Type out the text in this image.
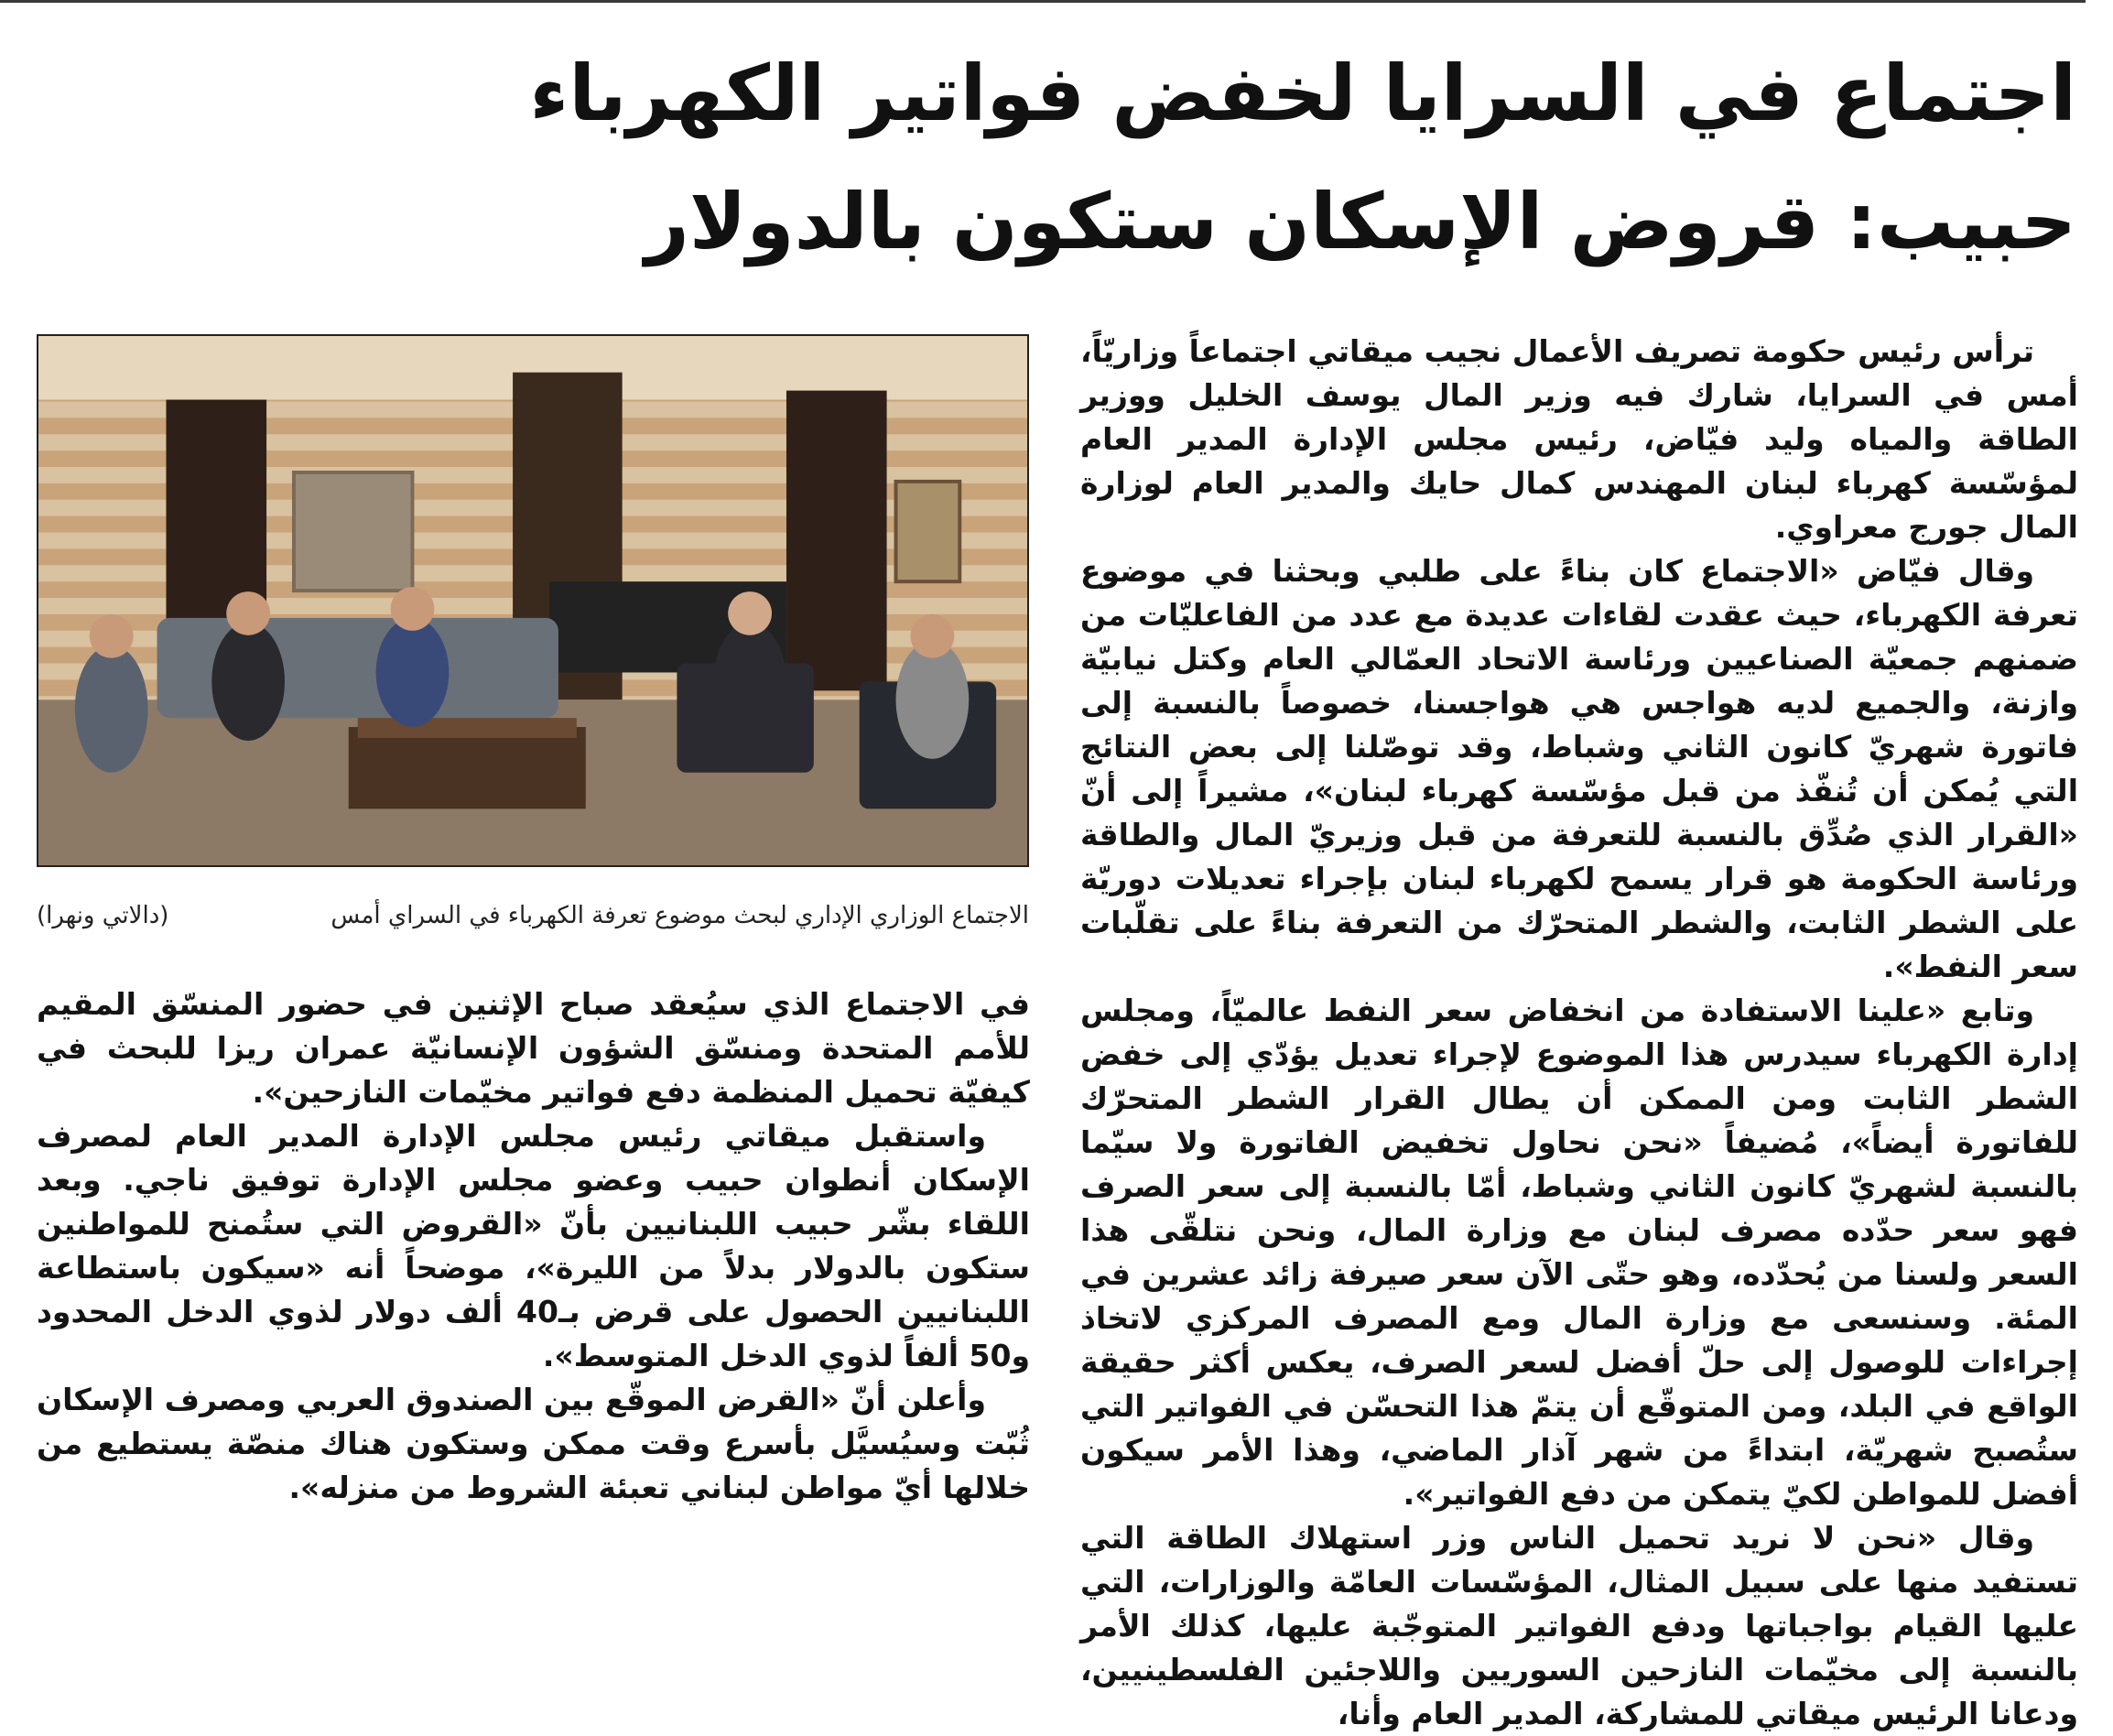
اجتماع في السرايا لخفض فواتير الكهرباء
حبيب: قروض الإسكان ستكون بالدولار

ترأس رئيس حكومة تصريف الأعمال نجيب ميقاتي اجتماعاً وزاريّاً، أمس في السرايا، شارك فيه وزير المال يوسف الخليل ووزير الطاقة والمياه وليد فيّاض، رئيس مجلس الإدارة المدير العام لمؤسّسة كهرباء لبنان المهندس كمال حايك والمدير العام لوزارة المال جورج معراوي.

وقال فيّاض «الاجتماع كان بناءً على طلبي وبحثنا في موضوع تعرفة الكهرباء، حيث عقدت لقاءات عديدة مع عدد من الفاعليّات من ضمنهم جمعيّة الصناعيين ورئاسة الاتحاد العمّالي العام وكتل نيابيّة وازنة، والجميع لديه هواجس هي هواجسنا، خصوصاً بالنسبة إلى فاتورة شهريّ كانون الثاني وشباط، وقد توصّلنا إلى بعض النتائج التي يُمكن أن تُنفّذ من قبل مؤسّسة كهرباء لبنان»، مشيراً إلى أنّ «القرار الذي صُدِّق بالنسبة للتعرفة من قبل وزيريّ المال والطاقة ورئاسة الحكومة هو قرار يسمح لكهرباء لبنان بإجراء تعديلات دوريّة على الشطر الثابت، والشطر المتحرّك من التعرفة بناءً على تقلّبات سعر النفط».

وتابع «علينا الاستفادة من انخفاض سعر النفط عالميّاً، ومجلس إدارة الكهرباء سيدرس هذا الموضوع لإجراء تعديل يؤدّي إلى خفض الشطر الثابت ومن الممكن أن يطال القرار الشطر المتحرّك للفاتورة أيضاً»، مُضيفاً «نحن نحاول تخفيض الفاتورة ولا سيّما بالنسبة لشهريّ كانون الثاني وشباط، أمّا بالنسبة إلى سعر الصرف فهو سعر حدّده مصرف لبنان مع وزارة المال، ونحن نتلقّى هذا السعر ولسنا من يُحدّده، وهو حتّى الآن سعر صيرفة زائد عشرين في المئة. وسنسعى مع وزارة المال ومع المصرف المركزي لاتخاذ إجراءات للوصول إلى حلّ أفضل لسعر الصرف، يعكس أكثر حقيقة الواقع في البلد، ومن المتوقّع أن يتمّ هذا التحسّن في الفواتير التي ستُصبح شهريّة، ابتداءً من شهر آذار الماضي، وهذا الأمر سيكون أفضل للمواطن لكيّ يتمكن من دفع الفواتير».

وقال «نحن لا نريد تحميل الناس وزر استهلاك الطاقة التي تستفيد منها على سبيل المثال، المؤسّسات العامّة والوزارات، التي عليها القيام بواجباتها ودفع الفواتير المتوجّبة عليها، كذلك الأمر بالنسبة إلى مخيّمات النازحين السوريين واللاجئين الفلسطينيين، ودعانا الرئيس ميقاتي للمشاركة، المدير العام وأنا،

الاجتماع الوزاري الإداري لبحث موضوع تعرفة الكهرباء في السراي أمس
(دالاتي ونهرا)

في الاجتماع الذي سيُعقد صباح الإثنين في حضور المنسّق المقيم للأمم المتحدة ومنسّق الشؤون الإنسانيّة عمران ريزا للبحث في كيفيّة تحميل المنظمة دفع فواتير مخيّمات النازحين».

واستقبل ميقاتي رئيس مجلس الإدارة المدير العام لمصرف الإسكان أنطوان حبيب وعضو مجلس الإدارة توفيق ناجي. وبعد اللقاء بشّر حبيب اللبنانيين بأنّ «القروض التي ستُمنح للمواطنين ستكون بالدولار بدلاً من الليرة»، موضحاً أنه «سيكون باستطاعة اللبنانيين الحصول على قرض بـ40 ألف دولار لذوي الدخل المحدود و50 ألفاً لذوي الدخل المتوسط».

وأعلن أنّ «القرض الموقّع بين الصندوق العربي ومصرف الإسكان ثُبّت وسيُسيَّل بأسرع وقت ممكن وستكون هناك منصّة يستطيع من خلالها أيّ مواطن لبناني تعبئة الشروط من منزله».
